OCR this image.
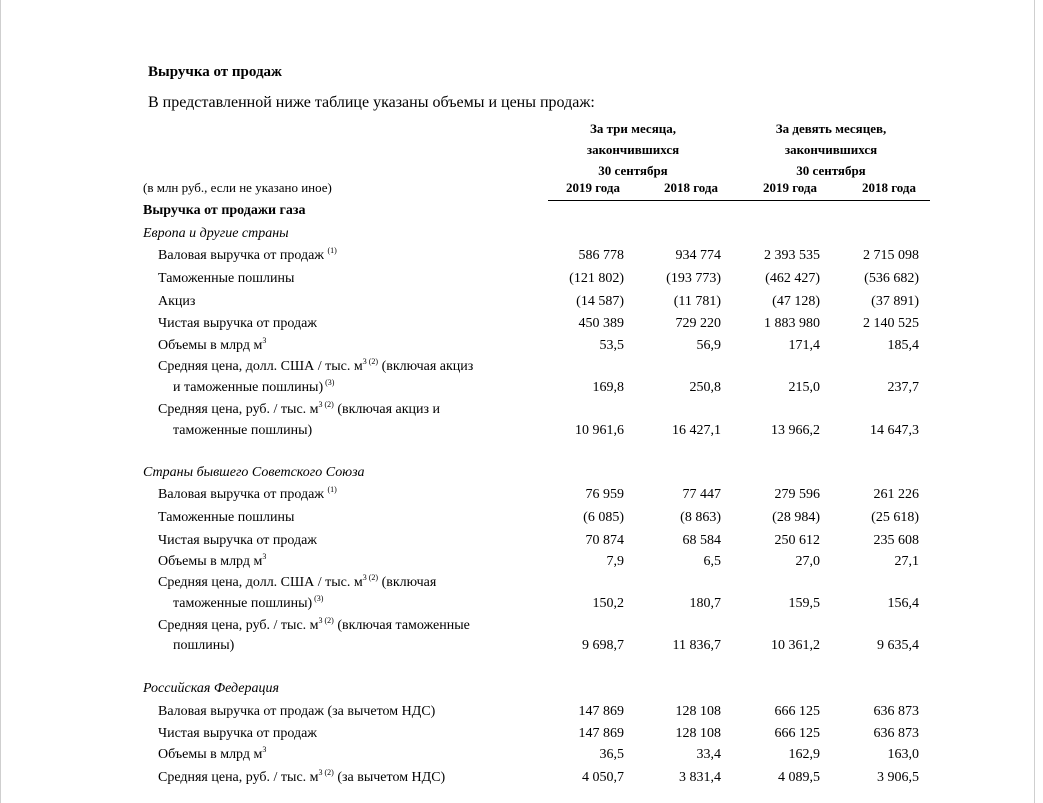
Выручка от продаж
В представленной ниже таблице указаны объемы и цены продаж:
За три месяца,
закончившихся
30 сентября
За девять месяцев,
закончившихся
30 сентября
(в млн руб., если не указано иное)	2019 года	2018 года	2019 года	2018 года
Выручка от продажи газа
Европа и другие страны
Валовая выручка от продаж $^{(1)}$	586 778	934 774	2 393 535	2 715 098
Таможенные пошлины	(121 802)	(193 773)	(462 427)	(536 682)
Акциз	(14 587)	(11 781)	(47 128)	(37 891)
Чистая выручка от продаж	450 389	729 220	1 883 980	2 140 525
Объемы в млрд $м^3$	53,5	56,9	171,4	185,4
Средняя цена, долл. США / тыс. $м^{3 (2)}$ (включая акциз
и таможенные пошлины) $^{(3)}$	169,8	250,8	215,0	237,7
Средняя цена, руб. / тыс. $м^{3 (2)}$ (включая акциз и
таможенные пошлины)	10 961,6	16 427,1	13 966,2	14 647,3
Страны бывшего Советского Союза
Валовая выручка от продаж $^{(1)}$	76 959	77 447	279 596	261 226
Таможенные пошлины	(6 085)	(8 863)	(28 984)	(25 618)
Чистая выручка от продаж	70 874	68 584	250 612	235 608
Объемы в млрд $м^3$	7,9	6,5	27,0	27,1
Средняя цена, долл. США / тыс. $м^{3 (2)}$ (включая
таможенные пошлины) $^{(3)}$	150,2	180,7	159,5	156,4
Средняя цена, руб. / тыс. $м^{3 (2)}$ (включая таможенные
пошлины)	9 698,7	11 836,7	10 361,2	9 635,4
Российская Федерация
Валовая выручка от продаж (за вычетом НДС)	147 869	128 108	666 125	636 873
Чистая выручка от продаж	147 869	128 108	666 125	636 873
Объемы в млрд $м^3$	36,5	33,4	162,9	163,0
Средняя цена, руб. / тыс. $м^{3 (2)}$ (за вычетом НДС)	4 050,7	3 831,4	4 089,5	3 906,5
